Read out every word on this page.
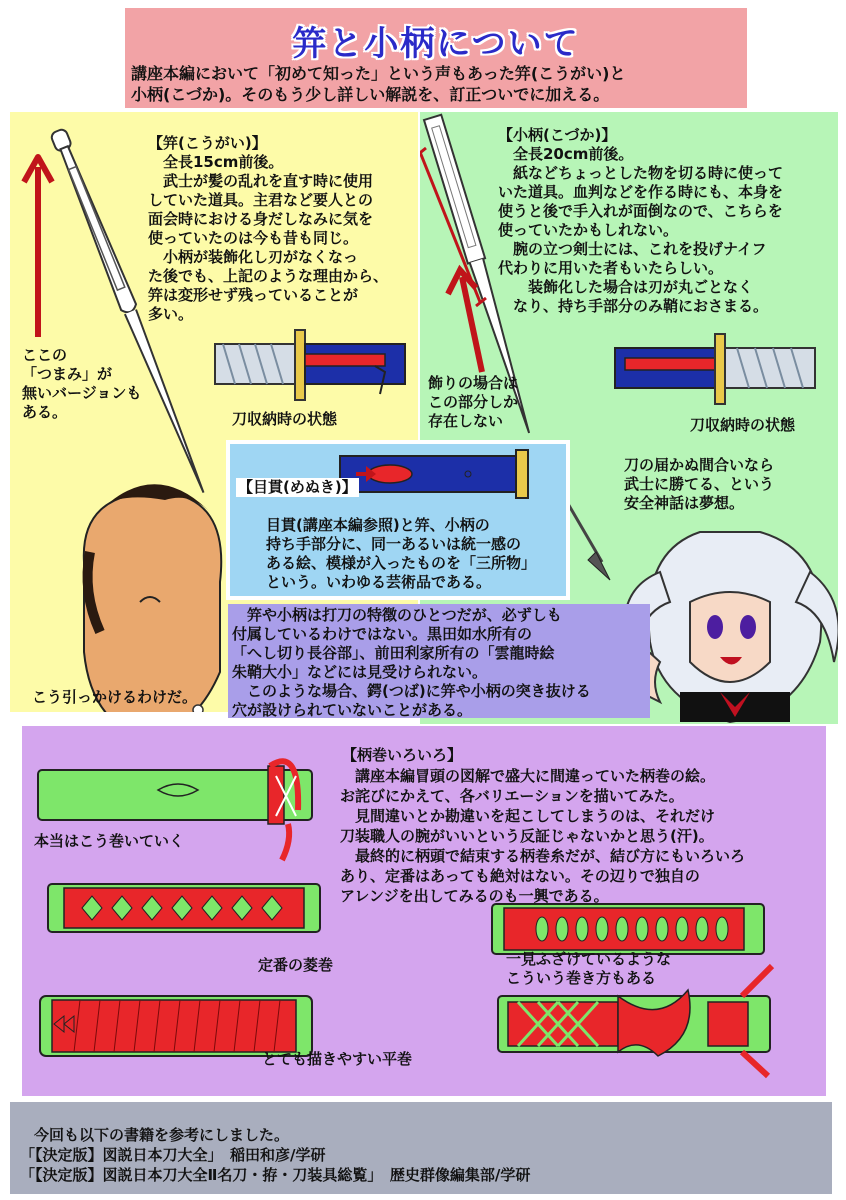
笄と小柄について
講座本編において「初めて知った」という声もあった笄(こうがい)と
小柄(こづか)。そのもう少し詳しい解説を、訂正ついでに加える。
【笄(こうがい)】
　全長15cm前後。
　武士が髪の乱れを直す時に使用
していた道具。主君など要人との
面会時における身だしなみに気を
使っていたのは今も昔も同じ。
　小柄が装飾化し刃がなくなっ
た後でも、上記のような理由から、
笄は変形せず残っていることが
多い。
ここの
「つまみ」が
無いバージョンも
ある。	刀収納時の状態
こう引っかけるわけだ。
【小柄(こづか)】
　全長20cm前後。
　紙などちょっとした物を切る時に使って
いた道具。血判などを作る時にも、本身を
使うと後で手入れが面倒なので、こちらを
使っていたかもしれない。
　腕の立つ剣士には、これを投げナイフ
代わりに用いた者もいたらしい。
　　装飾化した場合は刃が丸ごとなく
　なり、持ち手部分のみ鞘におさまる。
飾りの場合は
この部分しか
存在しない	刀収納時の状態
刀の届かぬ間合いなら
武士に勝てる、という
安全神話は夢想。
【目貫(めぬき)】
目貫(講座本編参照)と笄、小柄の
持ち手部分に、同一あるいは統一感の
ある絵、模様が入ったものを「三所物」
という。いわゆる芸術品である。
　笄や小柄は打刀の特徴のひとつだが、必ずしも
付属しているわけではない。黒田如水所有の
「へし切り長谷部」、前田利家所有の「雲龍時絵
朱鞘大小」などには見受けられない。
　このような場合、鍔(つば)に笄や小柄の突き抜ける
穴が設けられていないことがある。
【柄巻いろいろ】
　講座本編冒頭の図解で盛大に間違っていた柄巻の絵。
お詫びにかえて、各バリエーションを描いてみた。
　見間違いとか勘違いを起こしてしまうのは、それだけ
刀装職人の腕がいいという反証じゃないかと思う(汗)。
　最終的に柄頭で結束する柄巻糸だが、結び方にもいろいろ
あり、定番はあっても絶対はない。その辺りで独自の
アレンジを出してみるのも一興である。
本当はこう巻いていく
定番の菱巻
とても描きやすい平巻
一見ふざけているような
こういう巻き方もある
今回も以下の書籍を参考にしました。
「【決定版】図説日本刀大全」　稲田和彦/学研
「【決定版】図説日本刀大全Ⅱ名刀・拵・刀装具総覧」　歴史群像編集部/学研
